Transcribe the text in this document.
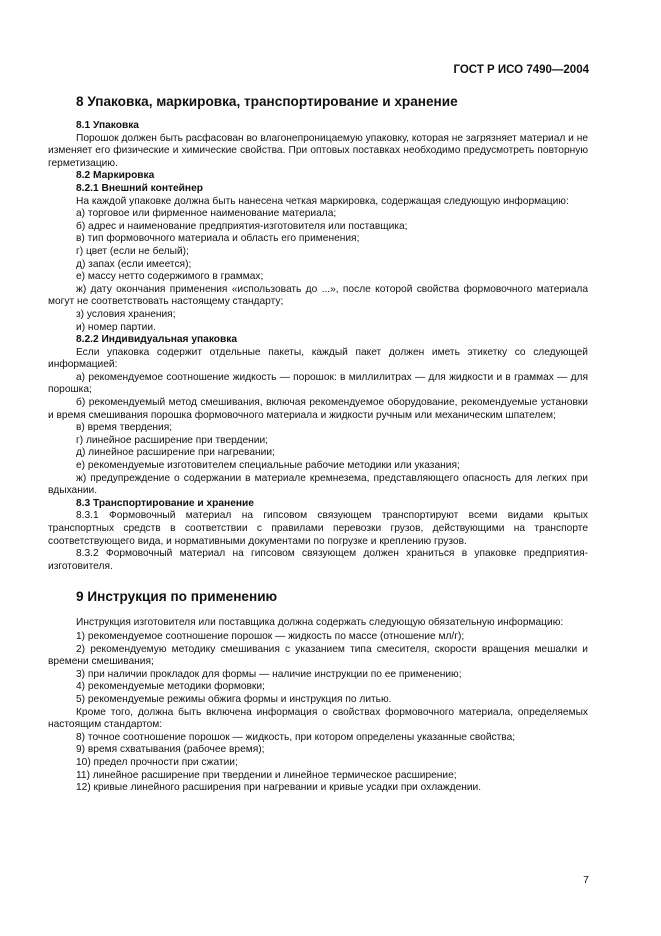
ГОСТ Р ИСО 7490—2004
8 Упаковка, маркировка, транспортирование и хранение
8.1 Упаковка

Порошок должен быть расфасован во влагонепроницаемую упаковку, которая не загрязняет материал и не изменяет его физические и химические свойства. При оптовых поставках необходимо предусмотреть повторную герметизацию.

8.2 Маркировка
8.2.1 Внешний контейнер

На каждой упаковке должна быть нанесена четкая маркировка, содержащая следующую информацию:

а) торговое или фирменное наименование материала;

б) адрес и наименование предприятия-изготовителя или поставщика;

в) тип формовочного материала и область его применения;

г) цвет (если не белый);

д) запах (если имеется);

е) массу нетто содержимого в граммах;

ж) дату окончания применения «использовать до ...», после которой свойства формовочного материала могут не соответствовать настоящему стандарту;

з) условия хранения;

и) номер партии.

8.2.2 Индивидуальная упаковка

Если упаковка содержит отдельные пакеты, каждый пакет должен иметь этикетку со следующей информацией:

а) рекомендуемое соотношение жидкость — порошок: в миллилитрах — для жидкости и в граммах — для порошка;

б) рекомендуемый метод смешивания, включая рекомендуемое оборудование, рекомендуемые установки и время смешивания порошка формовочного материала и жидкости ручным или механическим шпателем;

в) время твердения;

г) линейное расширение при твердении;

д) линейное расширение при нагревании;

е) рекомендуемые изготовителем специальные рабочие методики или указания;

ж) предупреждение о содержании в материале кремнезема, представляющего опасность для легких при вдыхании.

8.3 Транспортирование и хранение

8.3.1 Формовочный материал на гипсовом связующем транспортируют всеми видами крытых транспортных средств в соответствии с правилами перевозки грузов, действующими на транспорте соответствующего вида, и нормативными документами по погрузке и креплению грузов.

8.3.2 Формовочный материал на гипсовом связующем должен храниться в упаковке предприятия-изготовителя.

9 Инструкция по применению

Инструкция изготовителя или поставщика должна содержать следующую обязательную информацию:

1) рекомендуемое соотношение порошок — жидкость по массе (отношение мл/г);

2) рекомендуемую методику смешивания с указанием типа смесителя, скорости вращения мешалки и времени смешивания;

3) при наличии прокладок для формы — наличие инструкции по ее применению;

4) рекомендуемые методики формовки;

5) рекомендуемые режимы обжига формы и инструкция по литью.

Кроме того, должна быть включена информация о свойствах формовочного материала, определяемых настоящим стандартом:

8) точное соотношение порошок — жидкость, при котором определены указанные свойства;

9) время схватывания (рабочее время);

10) предел прочности при сжатии;

11) линейное расширение при твердении и линейное термическое расширение;

12) кривые линейного расширения при нагревании и кривые усадки при охлаждении.

7
